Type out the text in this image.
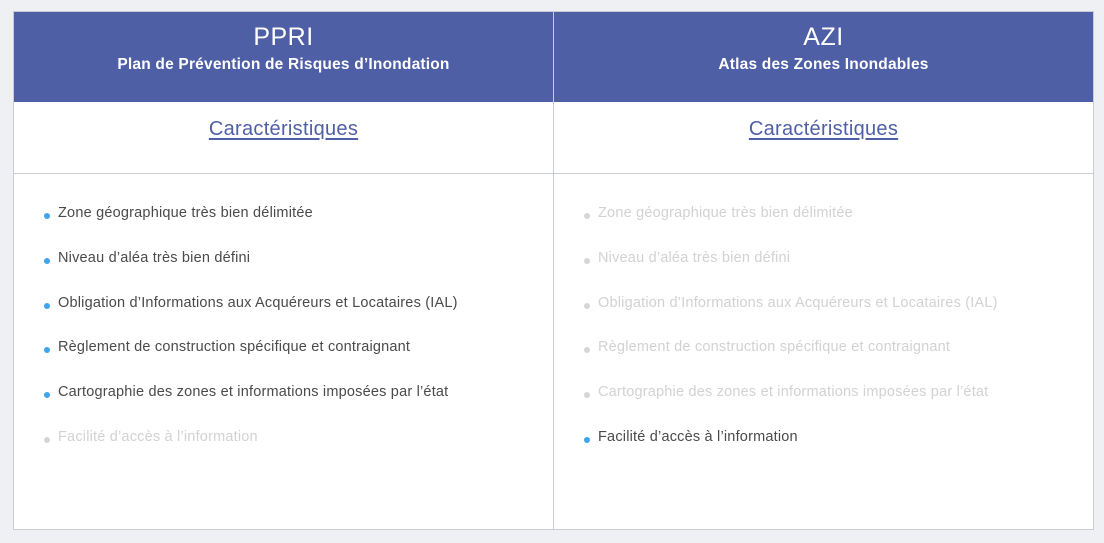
PPRI
Plan de Prévention de Risques d’Inondation
Caractéristiques
Zone géographique très bien délimitée
Niveau d’aléa très bien défini
Obligation d’Informations aux Acquéreurs et Locataires (IAL)
Règlement de construction spécifique et contraignant
Cartographie des zones et informations imposées par l’état
Facilité d’accès à l’information
AZI
Atlas des Zones Inondables
Caractéristiques
Zone géographique très bien délimitée
Niveau d’aléa très bien défini
Obligation d’Informations aux Acquéreurs et Locataires (IAL)
Règlement de construction spécifique et contraignant
Cartographie des zones et informations imposées par l’état
Facilité d’accès à l’information
